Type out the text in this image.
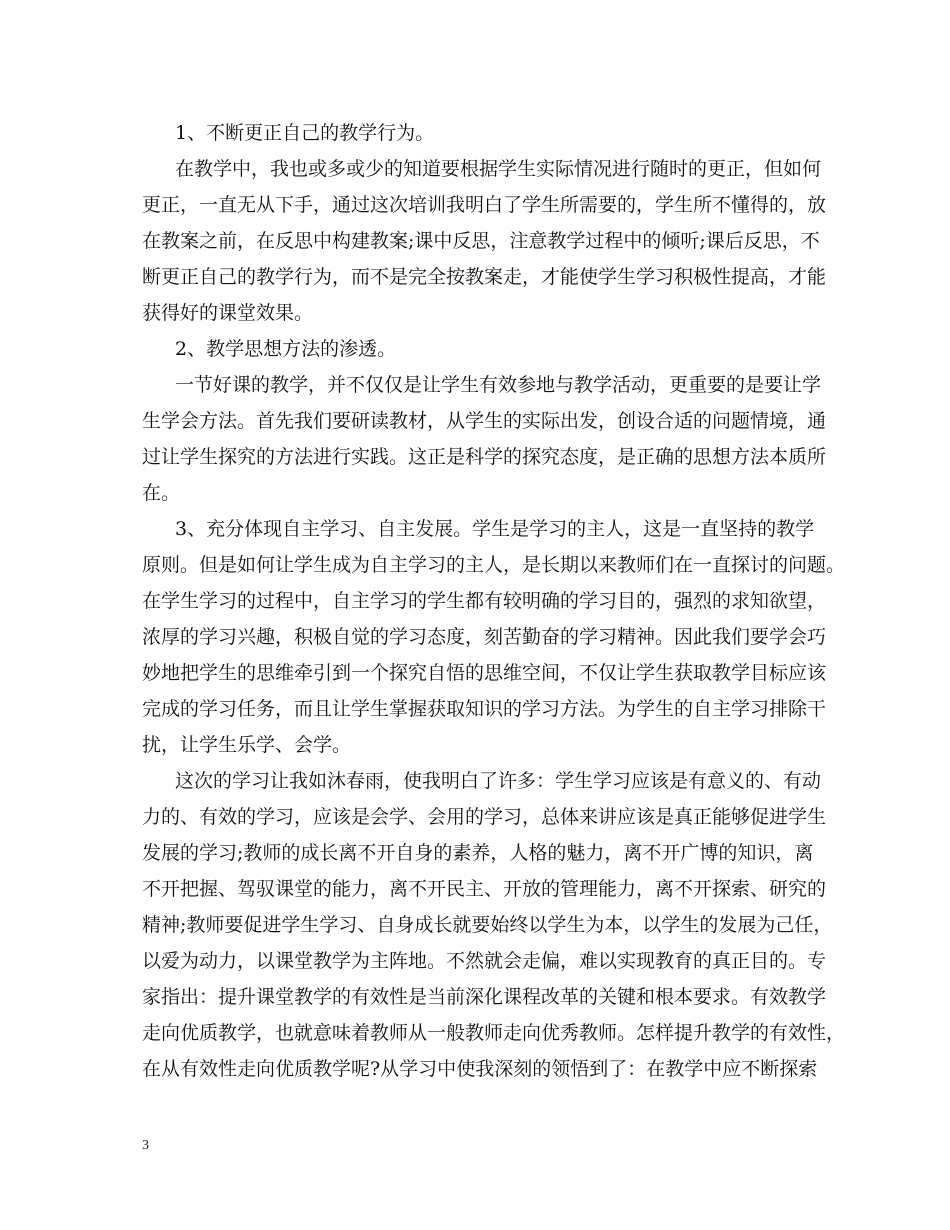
1、不断更正自己的教学行为。
在教学中，我也或多或少的知道要根据学生实际情况进行随时的更正，但如何
更正，一直无从下手，通过这次培训我明白了学生所需要的，学生所不懂得的，放
在教案之前，在反思中构建教案;课中反思，注意教学过程中的倾听;课后反思，不
断更正自己的教学行为，而不是完全按教案走，才能使学生学习积极性提高，才能
获得好的课堂效果。
2、教学思想方法的渗透。
一节好课的教学，并不仅仅是让学生有效参地与教学活动，更重要的是要让学
生学会方法。首先我们要研读教材，从学生的实际出发，创设合适的问题情境，通
过让学生探究的方法进行实践。这正是科学的探究态度，是正确的思想方法本质所
在。
3、充分体现自主学习、自主发展。学生是学习的主人，这是一直坚持的教学
原则。但是如何让学生成为自主学习的主人，是长期以来教师们在一直探讨的问题。
在学生学习的过程中，自主学习的学生都有较明确的学习目的，强烈的求知欲望，
浓厚的学习兴趣，积极自觉的学习态度，刻苦勤奋的学习精神。因此我们要学会巧
妙地把学生的思维牵引到一个探究自悟的思维空间，不仅让学生获取教学目标应该
完成的学习任务，而且让学生掌握获取知识的学习方法。为学生的自主学习排除干
扰，让学生乐学、会学。
这次的学习让我如沐春雨，使我明白了许多：学生学习应该是有意义的、有动
力的、有效的学习，应该是会学、会用的学习，总体来讲应该是真正能够促进学生
发展的学习;教师的成长离不开自身的素养，人格的魅力，离不开广博的知识，离
不开把握、驾驭课堂的能力，离不开民主、开放的管理能力，离不开探索、研究的
精神;教师要促进学生学习、自身成长就要始终以学生为本，以学生的发展为己任，
以爱为动力，以课堂教学为主阵地。不然就会走偏，难以实现教育的真正目的。专
家指出：提升课堂教学的有效性是当前深化课程改革的关键和根本要求。有效教学
走向优质教学，也就意味着教师从一般教师走向优秀教师。怎样提升教学的有效性，
在从有效性走向优质教学呢?从学习中使我深刻的领悟到了：在教学中应不断探索
3
